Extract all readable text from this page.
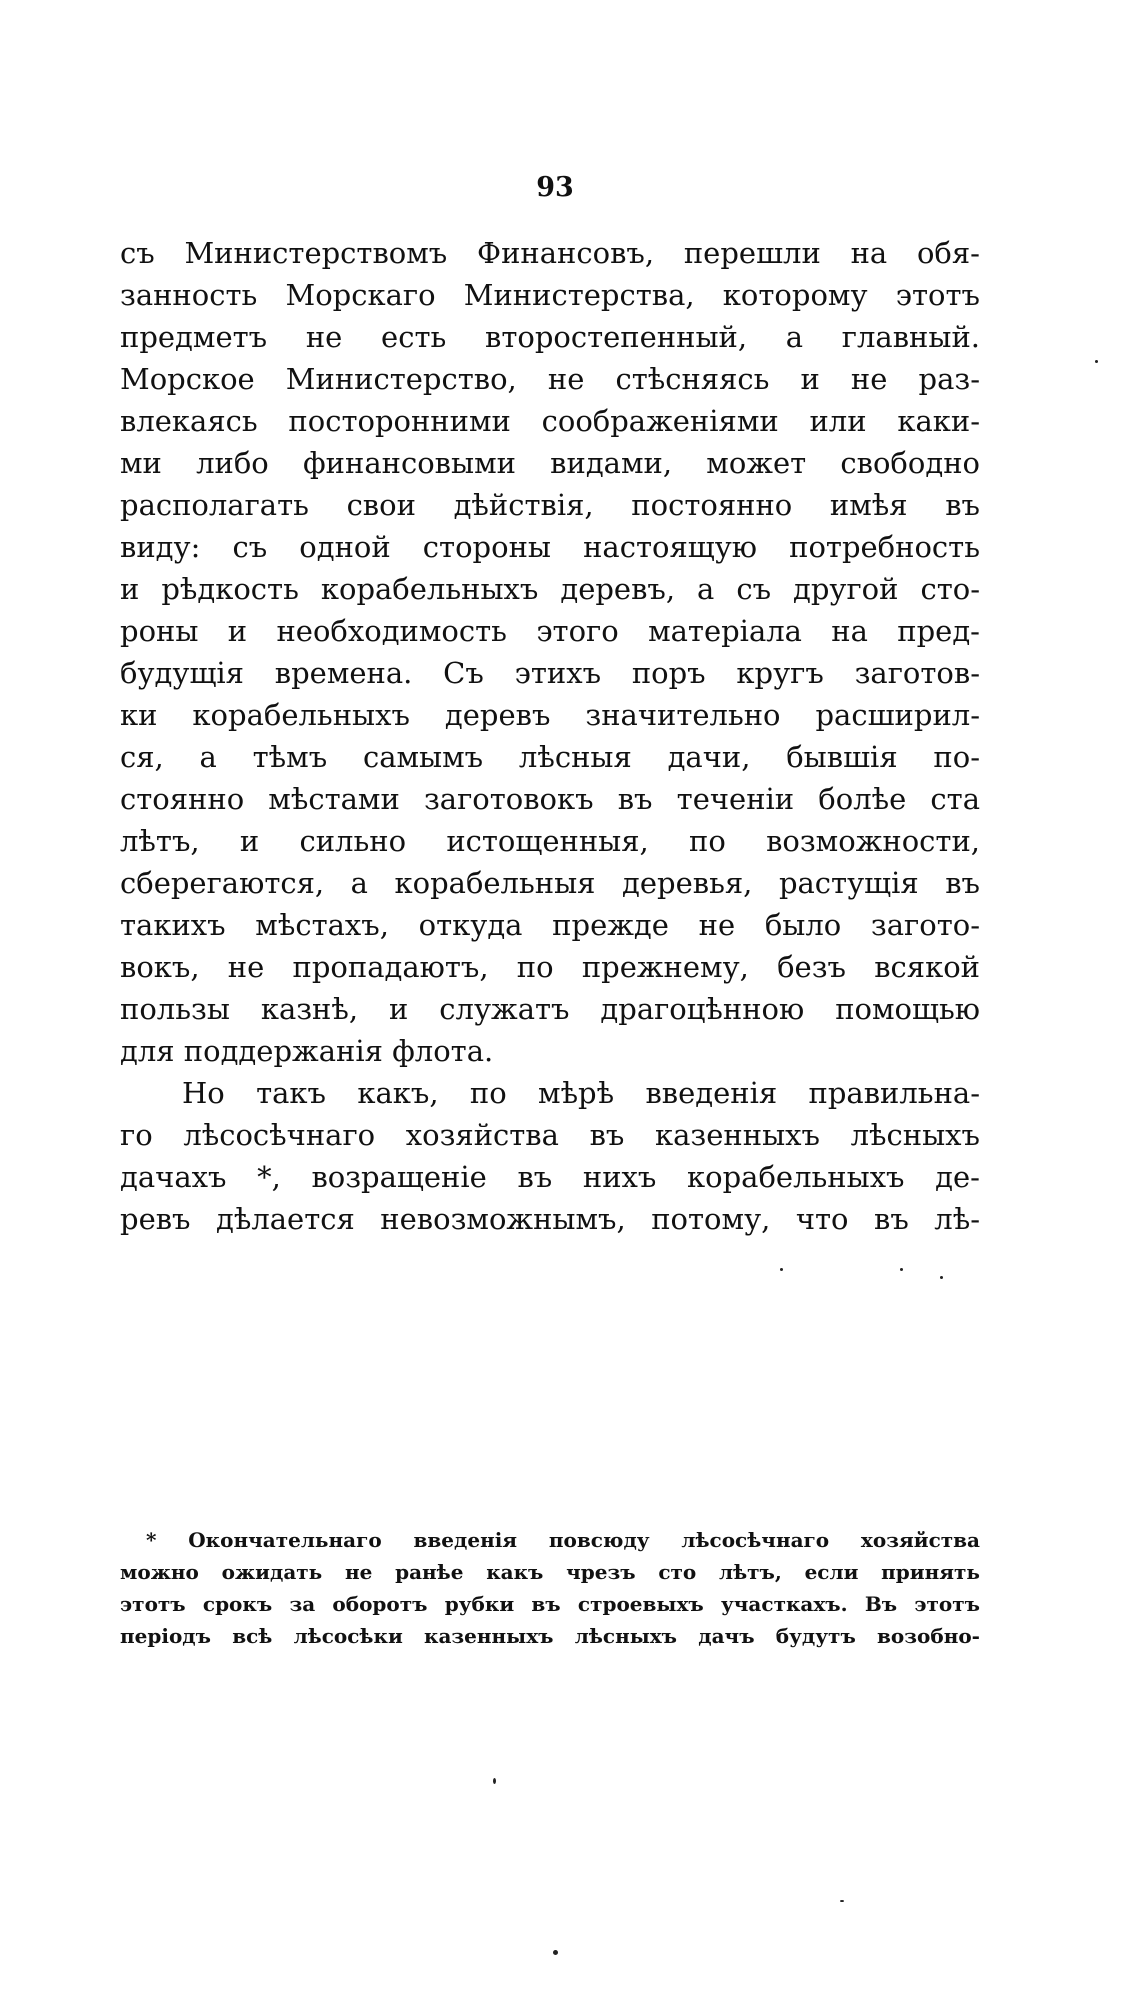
93
съ Министерствомъ Финансовъ, перешли на обя-
занность Морскаго Министерства, которому этотъ
предметъ не есть второстепенный, а главный.
Морское Министерство, не стѣсняясь и не раз-
влекаясь посторонними соображеніями или каки-
ми либо финансовыми видами, может свободно
располагать свои дѣйствія, постоянно имѣя въ
виду: съ одной стороны настоящую потребность
и рѣдкость корабельныхъ деревъ, а съ другой сто-
роны и необходимость этого матеріала на пред-
будущія времена. Съ этихъ поръ кругъ заготов-
ки корабельныхъ деревъ значительно расширил-
ся, а тѣмъ самымъ лѣсныя дачи, бывшія по-
стоянно мѣстами заготовокъ въ теченіи болѣе ста
лѣтъ, и сильно истощенныя, по возможности,
сберегаются, а корабельныя деревья, растущія въ
такихъ мѣстахъ, откуда прежде не было загото-
вокъ, не пропадаютъ, по прежнему, безъ всякой
пользы казнѣ, и служатъ драгоцѣнною помощью
для поддержанія флота.
Но такъ какъ, по мѣрѣ введенія правильна-
го лѣсосѣчнаго хозяйства въ казенныхъ лѣсныхъ
дачахъ *, возращеніе въ нихъ корабельныхъ де-
ревъ дѣлается невозможнымъ, потому, что въ лѣ-
* Окончательнаго введенія повсюду лѣсосѣчнаго хозяйства
можно ожидать не ранѣе какъ чрезъ сто лѣтъ, если принять
этотъ срокъ за оборотъ рубки въ строевыхъ участкахъ. Въ этотъ
періодъ всѣ лѣсосѣки казенныхъ лѣсныхъ дачъ будутъ возобно-
